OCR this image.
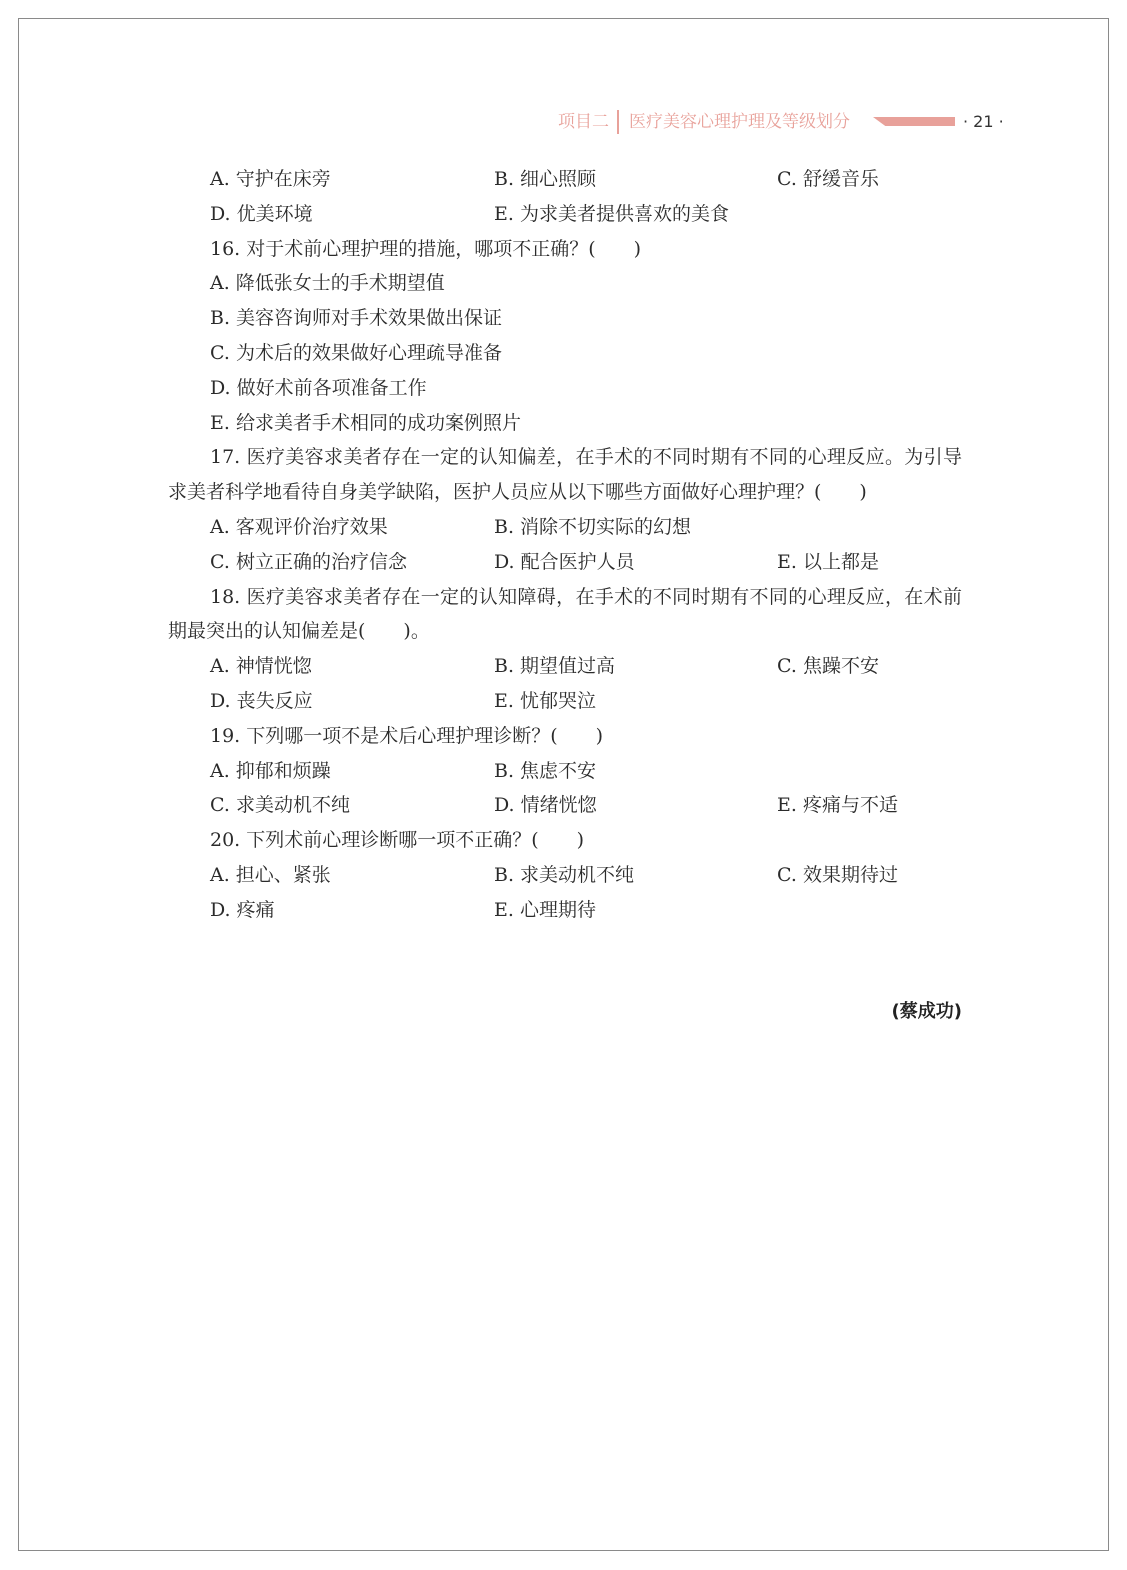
项目二 医疗美容心理护理及等级划分	· 21 ·
A. 守护在床旁	B. 细心照顾	C. 舒缓音乐
D. 优美环境	E. 为求美者提供喜欢的美食
16. 对于术前心理护理的措施，哪项不正确？(　　)
A. 降低张女士的手术期望值
B. 美容咨询师对手术效果做出保证
C. 为术后的效果做好心理疏导准备
D. 做好术前各项准备工作
E. 给求美者手术相同的成功案例照片
17. 医疗美容求美者存在一定的认知偏差，在手术的不同时期有不同的心理反应。为引导求美者科学地看待自身美学缺陷，医护人员应从以下哪些方面做好心理护理？(　　)
A. 客观评价治疗效果	B. 消除不切实际的幻想
C. 树立正确的治疗信念	D. 配合医护人员	E. 以上都是
18. 医疗美容求美者存在一定的认知障碍，在手术的不同时期有不同的心理反应，在术前期最突出的认知偏差是(　　)。
A. 神情恍惚	B. 期望值过高	C. 焦躁不安
D. 丧失反应	E. 忧郁哭泣
19. 下列哪一项不是术后心理护理诊断？(　　)
A. 抑郁和烦躁	B. 焦虑不安
C. 求美动机不纯	D. 情绪恍惚	E. 疼痛与不适
20. 下列术前心理诊断哪一项不正确？(　　)
A. 担心、紧张	B. 求美动机不纯	C. 效果期待过
D. 疼痛	E. 心理期待
(蔡成功)
